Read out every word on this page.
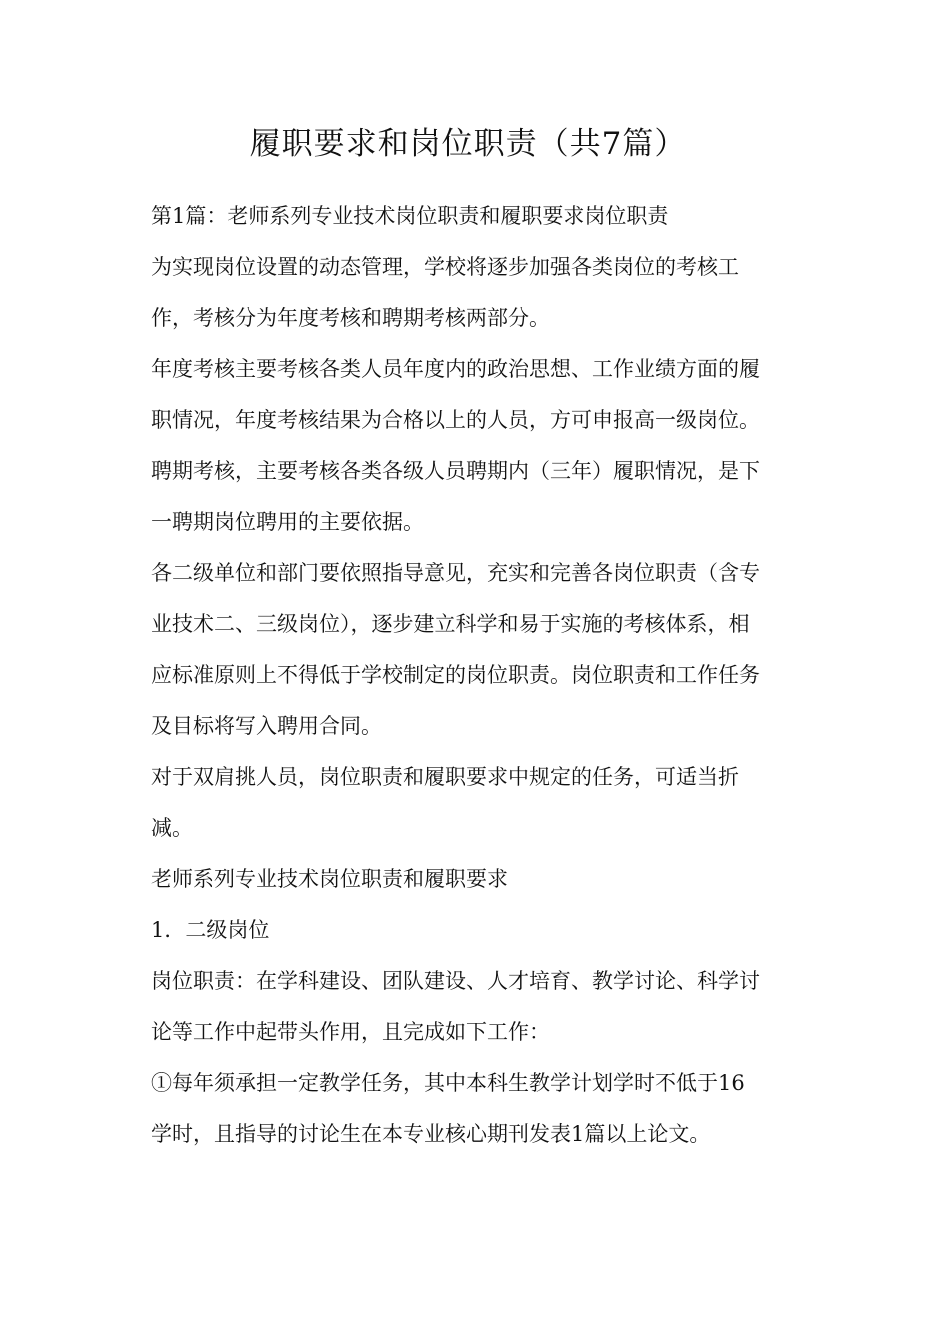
履职要求和岗位职责（共7篇）
第1篇：老师系列专业技术岗位职责和履职要求岗位职责
为实现岗位设置的动态管理，学校将逐步加强各类岗位的考核工
作，考核分为年度考核和聘期考核两部分。
年度考核主要考核各类人员年度内的政治思想、工作业绩方面的履
职情况，年度考核结果为合格以上的人员，方可申报高一级岗位。
聘期考核，主要考核各类各级人员聘期内（三年）履职情况，是下
一聘期岗位聘用的主要依据。
各二级单位和部门要依照指导意见，充实和完善各岗位职责（含专
业技术二、三级岗位），逐步建立科学和易于实施的考核体系，相
应标准原则上不得低于学校制定的岗位职责。岗位职责和工作任务
及目标将写入聘用合同。
对于双肩挑人员，岗位职责和履职要求中规定的任务，可适当折
减。
老师系列专业技术岗位职责和履职要求
1．二级岗位
岗位职责：在学科建设、团队建设、人才培育、教学讨论、科学讨
论等工作中起带头作用，且完成如下工作：
①每年须承担一定教学任务，其中本科生教学计划学时不低于16
学时，且指导的讨论生在本专业核心期刊发表1篇以上论文。
